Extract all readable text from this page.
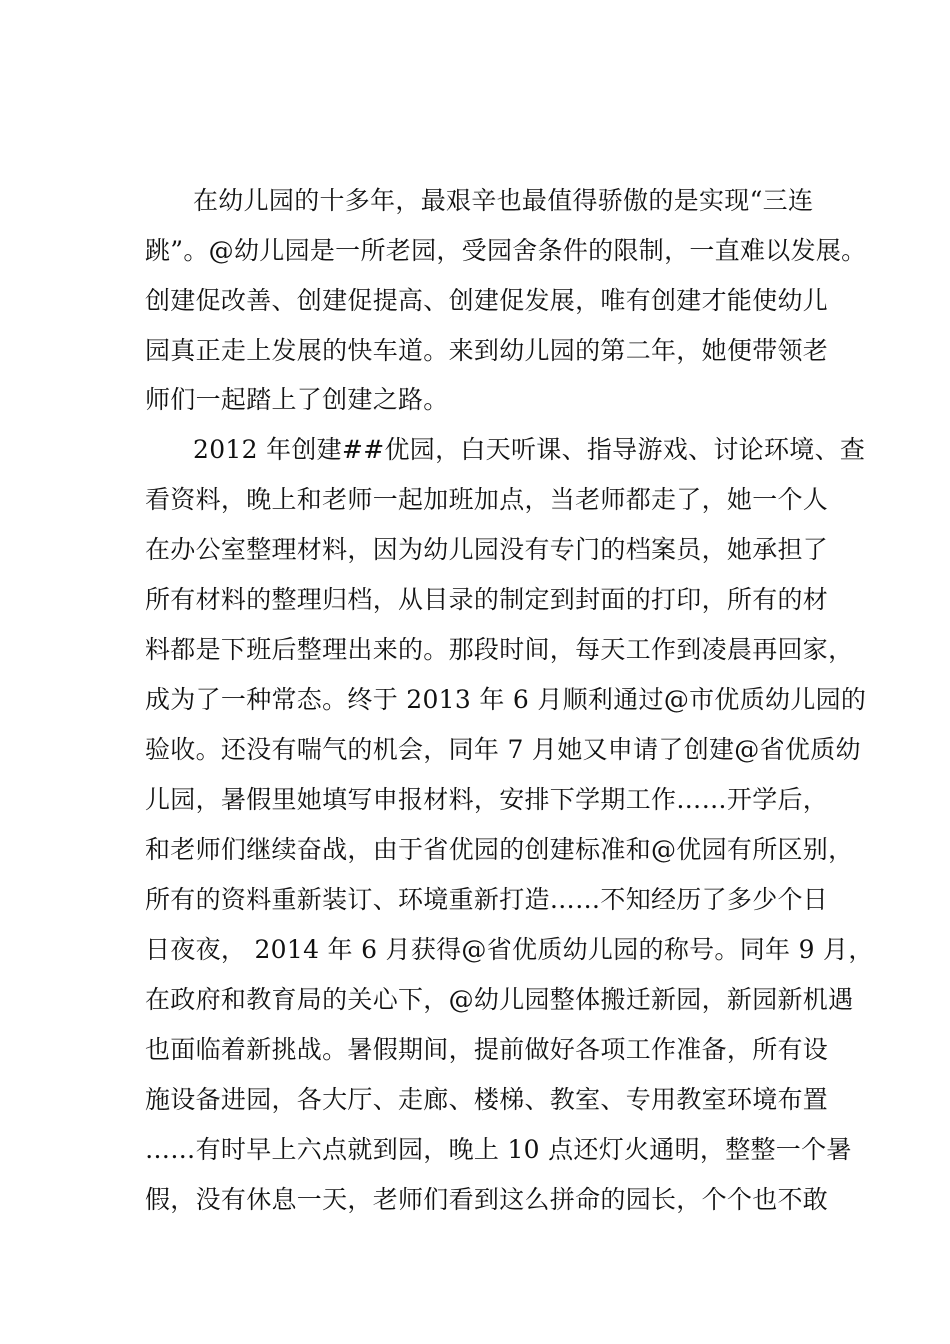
在幼儿园的十多年，最艰辛也最值得骄傲的是实现“三连
跳”。@幼儿园是一所老园，受园舍条件的限制，一直难以发展。
创建促改善、创建促提高、创建促发展，唯有创建才能使幼儿
园真正走上发展的快车道。来到幼儿园的第二年，她便带领老
师们一起踏上了创建之路。
2012 年创建##优园，白天听课、指导游戏、讨论环境、查
看资料，晚上和老师一起加班加点，当老师都走了，她一个人
在办公室整理材料，因为幼儿园没有专门的档案员，她承担了
所有材料的整理归档，从目录的制定到封面的打印，所有的材
料都是下班后整理出来的。那段时间，每天工作到凌晨再回家，
成为了一种常态。终于 2013 年 6 月顺利通过@市优质幼儿园的
验收。还没有喘气的机会，同年 7 月她又申请了创建@省优质幼
儿园，暑假里她填写申报材料，安排下学期工作……开学后，
和老师们继续奋战，由于省优园的创建标准和@优园有所区别，
所有的资料重新装订、环境重新打造……不知经历了多少个日
日夜夜， 2014 年 6 月获得@省优质幼儿园的称号。同年 9 月，
在政府和教育局的关心下，@幼儿园整体搬迁新园，新园新机遇
也面临着新挑战。暑假期间，提前做好各项工作准备，所有设
施设备进园，各大厅、走廊、楼梯、教室、专用教室环境布置
……有时早上六点就到园，晚上 10 点还灯火通明，整整一个暑
假，没有休息一天，老师们看到这么拼命的园长，个个也不敢
